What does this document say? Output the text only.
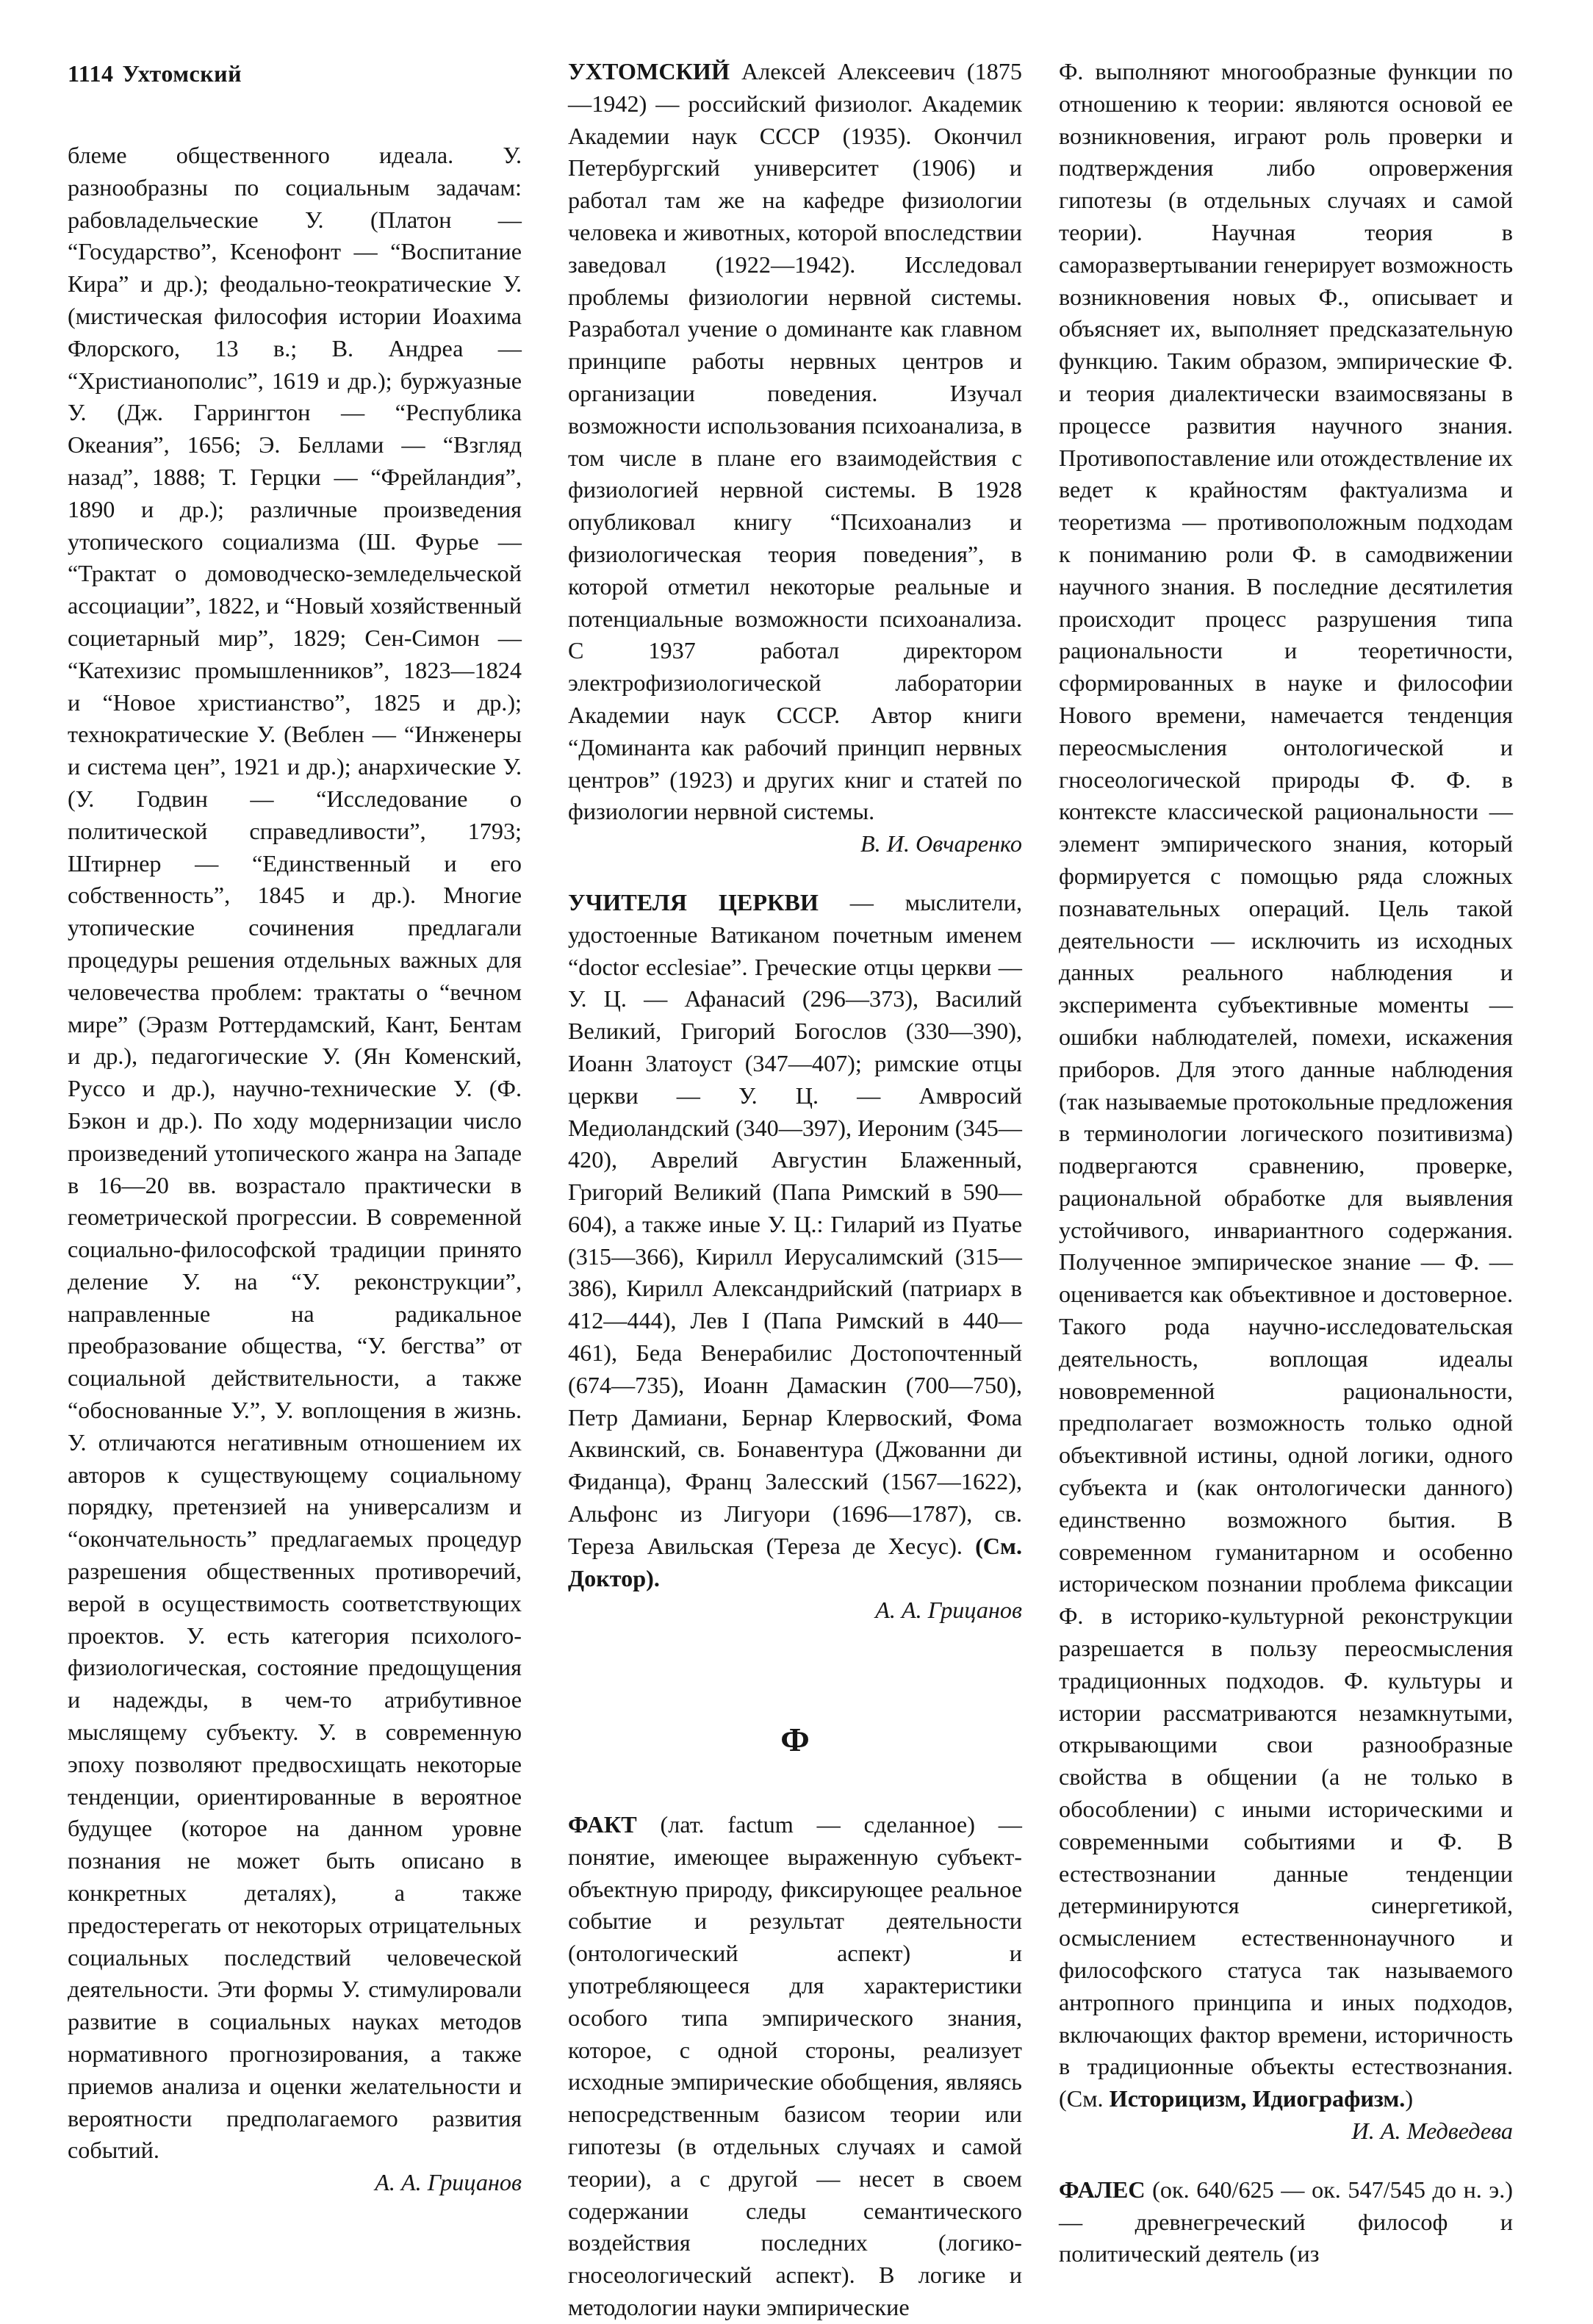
1114 Ухтомский

блеме общественного идеала. У. разнообразны по социальным задачам: рабовладельческие У. (Платон — “Государство”, Ксенофонт — “Воспитание Кира” и др.); феодально-теократические У. (мистическая философия истории Иоахима Флорского, 13 в.; В. Андреа — “Христианополис”, 1619 и др.); буржуазные У. (Дж. Гаррингтон — “Республика Океания”, 1656; Э. Беллами — “Взгляд назад”, 1888; Т. Герцки — “Фрейландия”, 1890 и др.); различные произведения утопического социализма (Ш. Фурье — “Трактат о домоводческо-земледельческой ассоциации”, 1822, и “Новый хозяйственный социетарный мир”, 1829; Сен-Симон — “Катехизис промышленников”, 1823—1824 и “Новое христианство”, 1825 и др.); технократические У. (Веблен — “Инженеры и система цен”, 1921 и др.); анархические У. (У. Годвин — “Исследование о политической справедливости”, 1793; Штирнер — “Единственный и его собственность”, 1845 и др.). Многие утопические сочинения предлагали процедуры решения отдельных важных для человечества проблем: трактаты о “вечном мире” (Эразм Роттердамский, Кант, Бентам и др.), педагогические У. (Ян Коменский, Руссо и др.), научно-технические У. (Ф. Бэкон и др.). По ходу модернизации число произведений утопического жанра на Западе в 16—20 вв. возрастало практически в геометрической прогрессии. В современной социально-философской традиции принято деление У. на “У. реконструкции”, направленные на радикальное преобразование общества, “У. бегства” от социальной действительности, а также “обоснованные У.”, У. воплощения в жизнь. У. отличаются негативным отношением их авторов к существующему социальному порядку, претензией на универсализм и “окончательность” предлагаемых процедур разрешения общественных противоречий, верой в осуществимость соответствующих проектов. У. есть категория психолого-физиологическая, состояние предощущения и надежды, в чем-то атрибутивное мыслящему субъекту. У. в современную эпоху позволяют предвосхищать некоторые тенденции, ориентированные в вероятное будущее (которое на данном уровне познания не может быть описано в конкретных деталях), а также предостерегать от некоторых отрицательных социальных последствий человеческой деятельности. Эти формы У. стимулировали развитие в социальных науках методов нормативного прогнозирования, а также приемов анализа и оценки желательности и вероятности предполагаемого развития событий.

А. А. Грицанов

УХТОМСКИЙ Алексей Алексеевич (1875—1942) — российский физиолог. Академик Академии наук СССР (1935). Окончил Петербургский университет (1906) и работал там же на кафедре физиологии человека и животных, которой впоследствии заведовал (1922—1942). Исследовал проблемы физиологии нервной системы. Разработал учение о доминанте как главном принципе работы нервных центров и организации поведения. Изучал возможности использования психоанализа, в том числе в плане его взаимодействия с физиологией нервной системы. В 1928 опубликовал книгу “Психоанализ и физиологическая теория поведения”, в которой отметил некоторые реальные и потенциальные возможности психоанализа. С 1937 работал директором электрофизиологической лаборатории Академии наук СССР. Автор книги “Доминанта как рабочий принцип нервных центров” (1923) и других книг и статей по физиологии нервной системы.

В. И. Овчаренко

УЧИТЕЛЯ ЦЕРКВИ — мыслители, удостоенные Ватиканом почетным именем “doctor ecclesiae”. Греческие отцы церкви — У. Ц. — Афанасий (296—373), Василий Великий, Григорий Богослов (330—390), Иоанн Златоуст (347—407); римские отцы церкви — У. Ц. — Амвросий Медиоландский (340—397), Иероним (345—420), Аврелий Августин Блаженный, Григорий Великий (Папа Римский в 590—604), а также иные У. Ц.: Гиларий из Пуатье (315—366), Кирилл Иерусалимский (315—386), Кирилл Александрийский (патриарх в 412—444), Лев I (Папа Римский в 440—461), Беда Венерабилис Достопочтенный (674—735), Иоанн Дамаскин (700—750), Петр Дамиани, Бернар Клервоский, Фома Аквинский, св. Бонавентура (Джованни ди Фиданца), Франц Залесский (1567—1622), Альфонс из Лигуори (1696—1787), св. Тереза Авильская (Тереза де Хесус). (См. Доктор).

А. А. Грицанов

Ф

ФАКТ (лат. factum — сделанное) — понятие, имеющее выраженную субъект-объектную природу, фиксирующее реальное событие и результат деятельности (онтологический аспект) и употребляющееся для характеристики особого типа эмпирического знания, которое, с одной стороны, реализует исходные эмпирические обобщения, являясь непосредственным базисом теории или гипотезы (в отдельных случаях и самой теории), а с другой — несет в своем содержании следы семантического воздействия последних (логико-гносеологический аспект). В логике и методологии науки эмпирические

Ф. выполняют многообразные функции по отношению к теории: являются основой ее возникновения, играют роль проверки и подтверждения либо опровержения гипотезы (в отдельных случаях и самой теории). Научная теория в саморазвертывании генерирует возможность возникновения новых Ф., описывает и объясняет их, выполняет предсказательную функцию. Таким образом, эмпирические Ф. и теория диалектически взаимосвязаны в процессе развития научного знания. Противопоставление или отождествление их ведет к крайностям фактуализма и теоретизма — противоположным подходам к пониманию роли Ф. в самодвижении научного знания. В последние десятилетия происходит процесс разрушения типа рациональности и теоретичности, сформированных в науке и философии Нового времени, намечается тенденция переосмысления онтологической и гносеологической природы Ф. Ф. в контексте классической рациональности — элемент эмпирического знания, который формируется с помощью ряда сложных познавательных операций. Цель такой деятельности — исключить из исходных данных реального наблюдения и эксперимента субъективные моменты — ошибки наблюдателей, помехи, искажения приборов. Для этого данные наблюдения (так называемые протокольные предложения в терминологии логического позитивизма) подвергаются сравнению, проверке, рациональной обработке для выявления устойчивого, инвариантного содержания. Полученное эмпирическое знание — Ф. — оценивается как объективное и достоверное. Такого рода научно-исследовательская деятельность, воплощая идеалы нововременной рациональности, предполагает возможность только одной объективной истины, одной логики, одного субъекта и (как онтологически данного) единственно возможного бытия. В современном гуманитарном и особенно историческом познании проблема фиксации Ф. в историко-культурной реконструкции разрешается в пользу переосмысления традиционных подходов. Ф. культуры и истории рассматриваются незамкнутыми, открывающими свои разнообразные свойства в общении (а не только в обособлении) с иными историческими и современными событиями и Ф. В естествознании данные тенденции детерминируются синергетикой, осмыслением естественнонаучного и философского статуса так называемого антропного принципа и иных подходов, включающих фактор времени, историчность в традиционные объекты естествознания. (См. Историцизм, Идиографизм.)

И. А. Медведева

ФАЛЕС (ок. 640/625 — ок. 547/545 до н. э.) — древнегреческий философ и политический деятель (из
